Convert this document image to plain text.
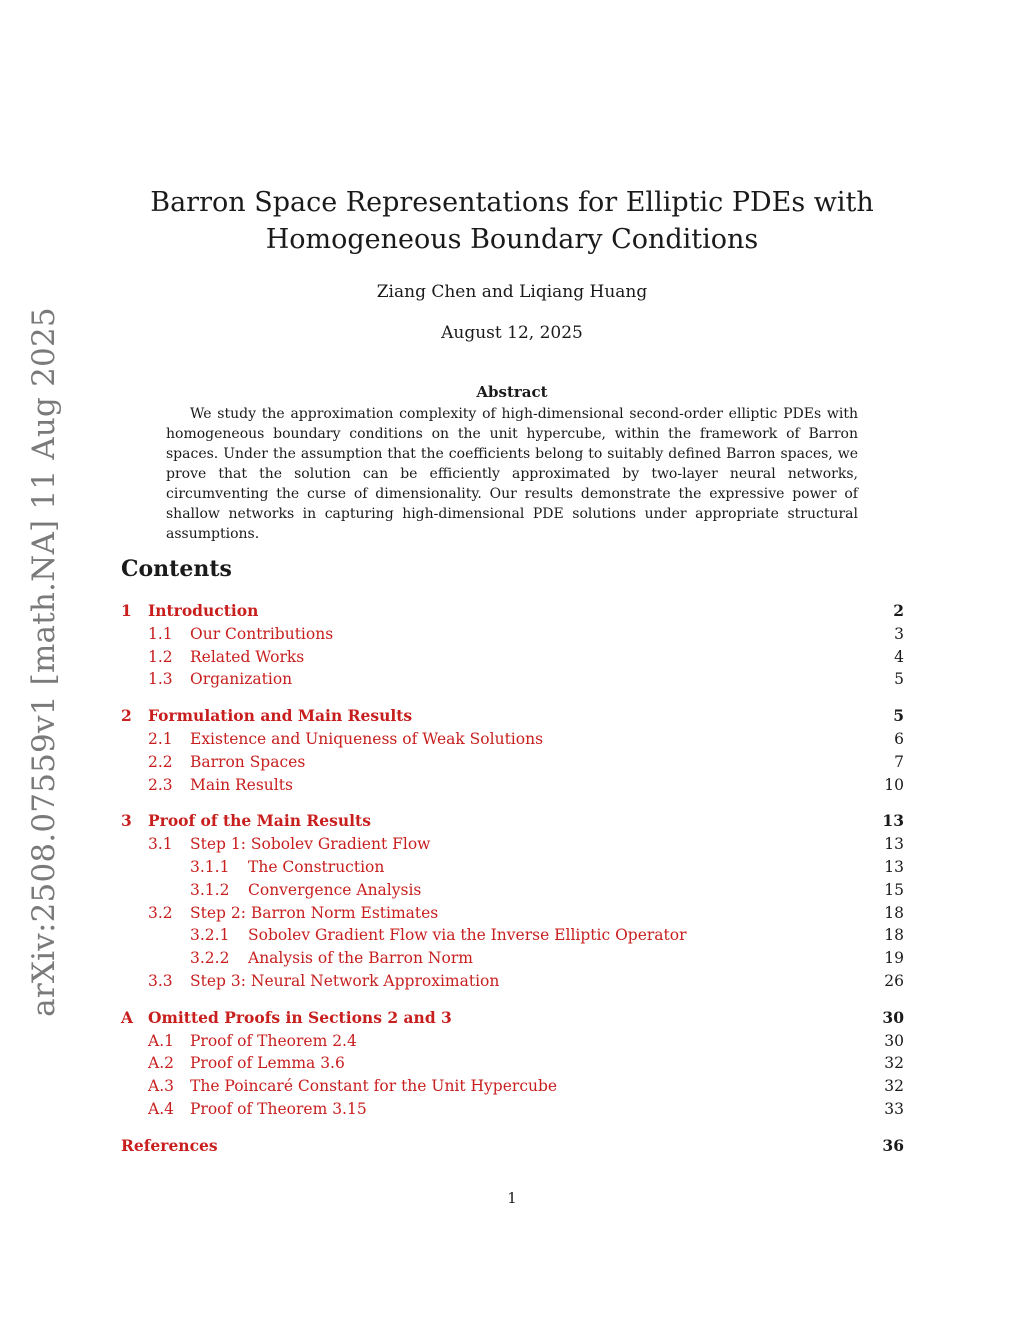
arXiv:2508.07559v1 [math.NA] 11 Aug 2025
Barron Space Representations for Elliptic PDEs with Homogeneous Boundary Conditions
Ziang Chen and Liqiang Huang
August 12, 2025
Abstract
We study the approximation complexity of high-dimensional second-order elliptic PDEs with homogeneous boundary conditions on the unit hypercube, within the framework of Barron spaces. Under the assumption that the coefficients belong to suitably defined Barron spaces, we prove that the solution can be efficiently approximated by two-layer neural networks, circumventing the curse of dimensionality. Our results demonstrate the expressive power of shallow networks in capturing high-dimensional PDE solutions under appropriate structural assumptions.
Contents
1 Introduction	2
1.1 Our Contributions	3
1.2 Related Works	4
1.3 Organization	5
2 Formulation and Main Results	5
2.1 Existence and Uniqueness of Weak Solutions	6
2.2 Barron Spaces	7
2.3 Main Results	10
3 Proof of the Main Results	13
3.1 Step 1: Sobolev Gradient Flow	13
3.1.1 The Construction	13
3.1.2 Convergence Analysis	15
3.2 Step 2: Barron Norm Estimates	18
3.2.1 Sobolev Gradient Flow via the Inverse Elliptic Operator	18
3.2.2 Analysis of the Barron Norm	19
3.3 Step 3: Neural Network Approximation	26
A Omitted Proofs in Sections 2 and 3	30
A.1 Proof of Theorem 2.4	30
A.2 Proof of Lemma 3.6	32
A.3 The Poincaré Constant for the Unit Hypercube	32
A.4 Proof of Theorem 3.15	33
References	36
1
